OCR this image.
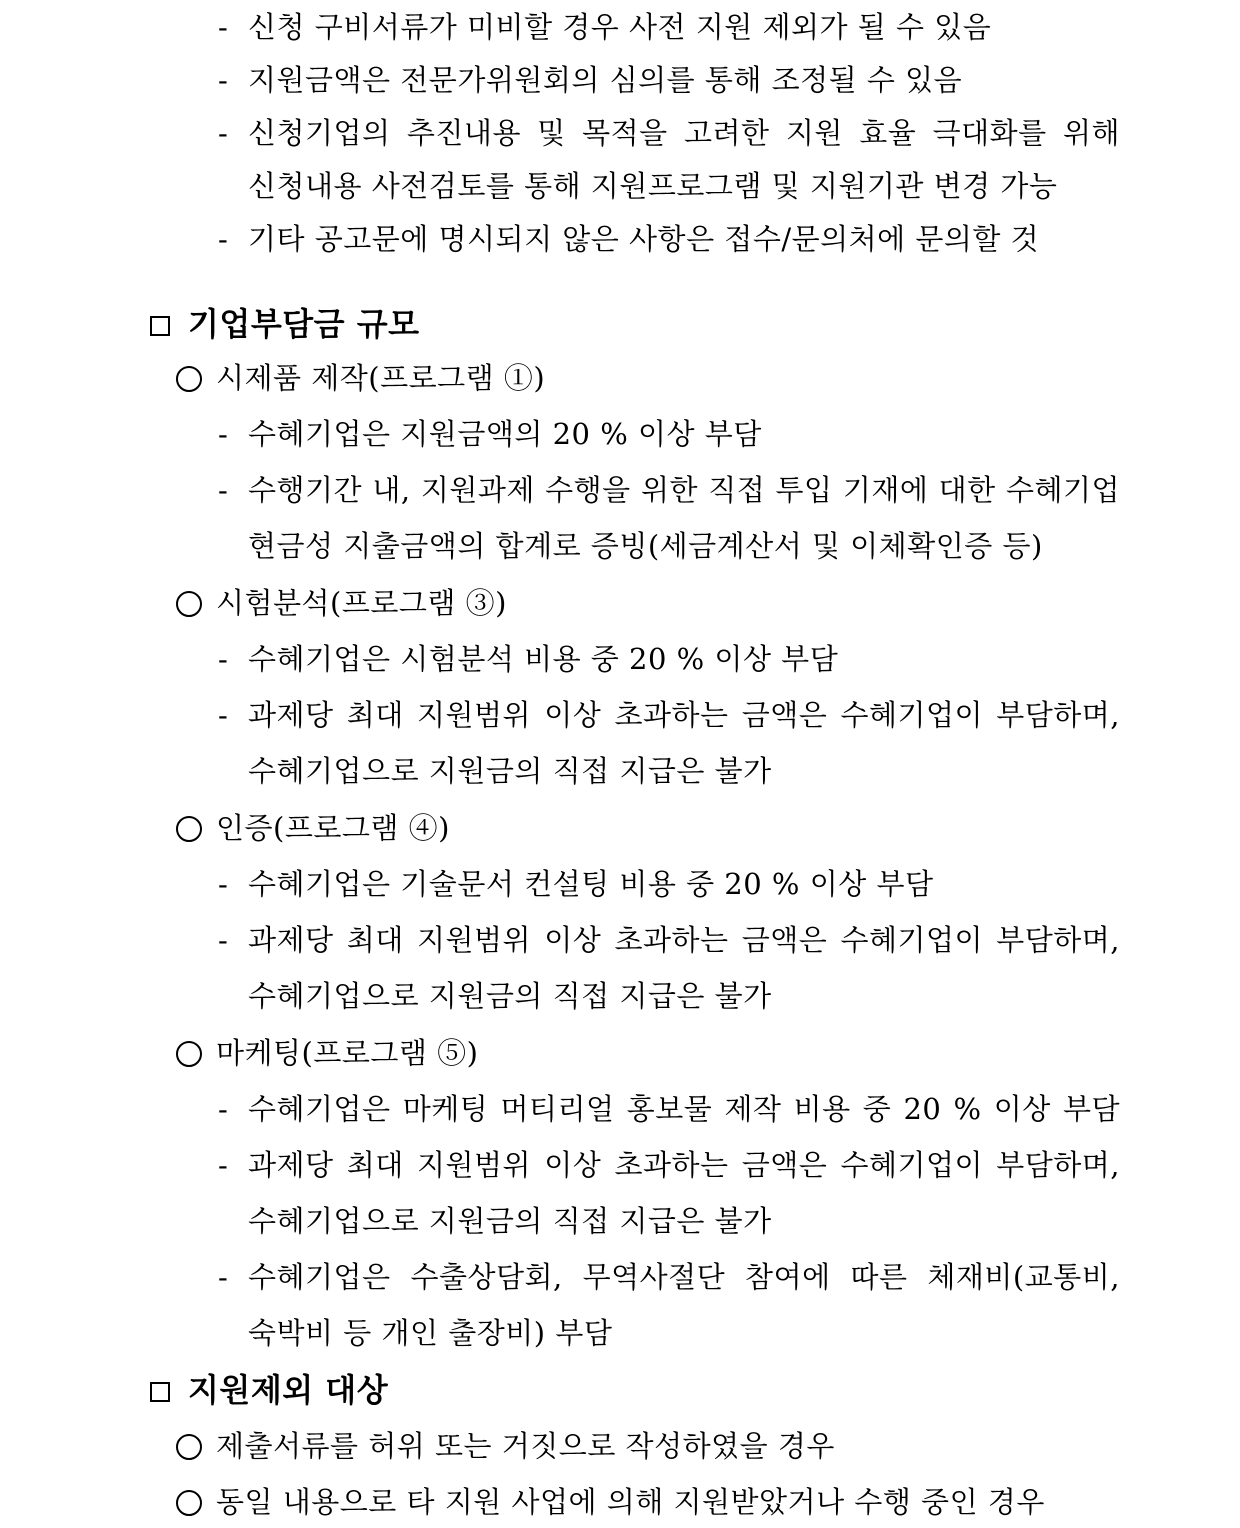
- 신청 구비서류가 미비할 경우 사전 지원 제외가 될 수 있음
- 지원금액은 전문가위원회의 심의를 통해 조정될 수 있음
- 신청기업의 추진내용 및 목적을 고려한 지원 효율 극대화를 위해
신청내용 사전검토를 통해 지원프로그램 및 지원기관 변경 가능
- 기타 공고문에 명시되지 않은 사항은 접수/문의처에 문의할 것
기업부담금 규모
시제품 제작(프로그램 ①)
- 수혜기업은 지원금액의 20 % 이상 부담
- 수행기간 내, 지원과제 수행을 위한 직접 투입 기재에 대한 수혜기업
현금성 지출금액의 합계로 증빙(세금계산서 및 이체확인증 등)
시험분석(프로그램 ③)
- 수혜기업은 시험분석 비용 중 20 % 이상 부담
- 과제당 최대 지원범위 이상 초과하는 금액은 수혜기업이 부담하며,
수혜기업으로 지원금의 직접 지급은 불가
인증(프로그램 ④)
- 수혜기업은 기술문서 컨설팅 비용 중 20 % 이상 부담
- 과제당 최대 지원범위 이상 초과하는 금액은 수혜기업이 부담하며,
수혜기업으로 지원금의 직접 지급은 불가
마케팅(프로그램 ⑤)
- 수혜기업은 마케팅 머티리얼 홍보물 제작 비용 중 20 % 이상 부담
- 과제당 최대 지원범위 이상 초과하는 금액은 수혜기업이 부담하며,
수혜기업으로 지원금의 직접 지급은 불가
- 수혜기업은 수출상담회, 무역사절단 참여에 따른 체재비(교통비,
숙박비 등 개인 출장비) 부담
지원제외 대상
제출서류를 허위 또는 거짓으로 작성하였을 경우
동일 내용으로 타 지원 사업에 의해 지원받았거나 수행 중인 경우
